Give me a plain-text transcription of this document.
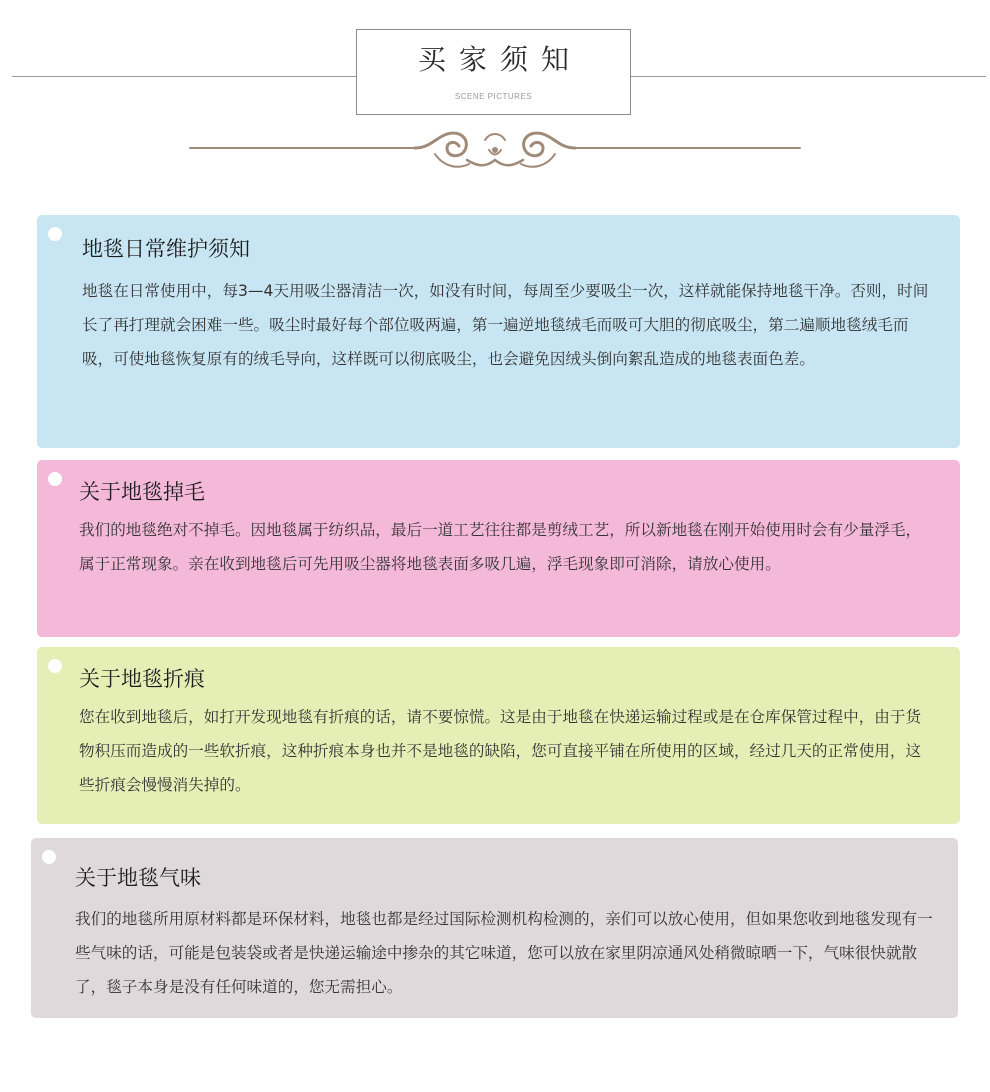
买家须知
SCENE PICTURES
地毯日常维护须知
地毯在日常使用中，每3—4天用吸尘器清洁一次，如没有时间，每周至少要吸尘一次，这样就能保持地毯干净。否则，时间长了再打理就会困难一些。吸尘时最好每个部位吸两遍，第一遍逆地毯绒毛而吸可大胆的彻底吸尘，第二遍顺地毯绒毛而吸，可使地毯恢复原有的绒毛导向，这样既可以彻底吸尘，也会避免因绒头倒向絮乱造成的地毯表面色差。
关于地毯掉毛
我们的地毯绝对不掉毛。因地毯属于纺织品，最后一道工艺往往都是剪绒工艺，所以新地毯在刚开始使用时会有少量浮毛，属于正常现象。亲在收到地毯后可先用吸尘器将地毯表面多吸几遍，浮毛现象即可消除，请放心使用。
关于地毯折痕
您在收到地毯后，如打开发现地毯有折痕的话，请不要惊慌。这是由于地毯在快递运输过程或是在仓库保管过程中，由于货物积压而造成的一些软折痕，这种折痕本身也并不是地毯的缺陷，您可直接平铺在所使用的区域，经过几天的正常使用，这些折痕会慢慢消失掉的。
关于地毯气味
我们的地毯所用原材料都是环保材料，地毯也都是经过国际检测机构检测的，亲们可以放心使用，但如果您收到地毯发现有一些气味的话，可能是包装袋或者是快递运输途中掺杂的其它味道，您可以放在家里阴凉通风处稍微晾晒一下，气味很快就散了，毯子本身是没有任何味道的，您无需担心。
